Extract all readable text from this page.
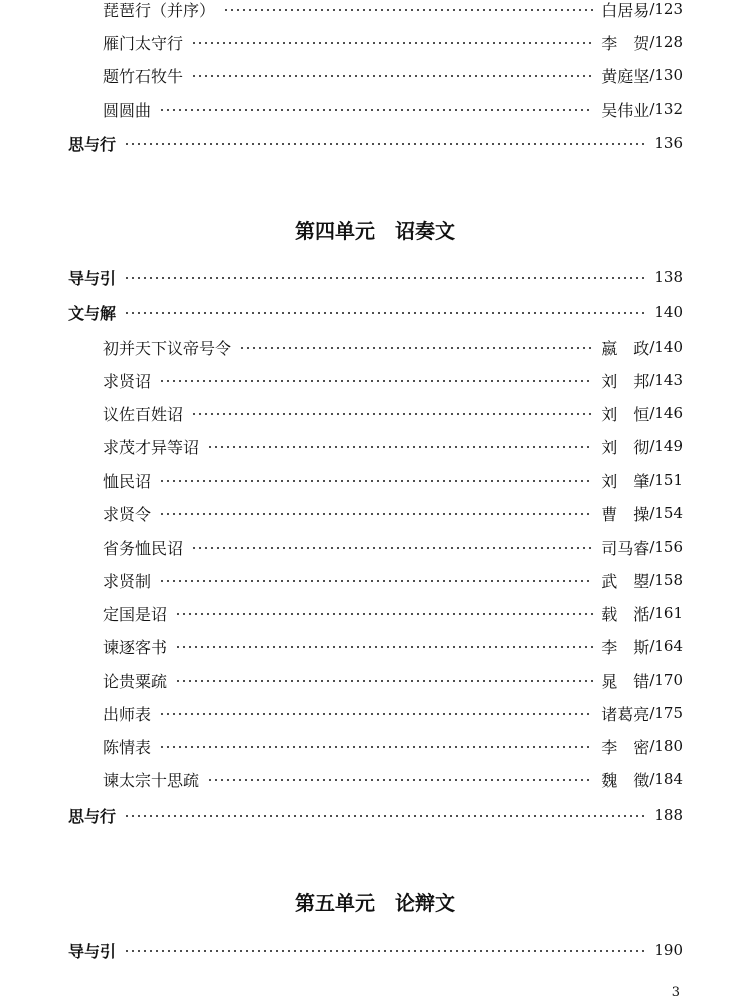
琵琶行（并序）	白居易 /123
雁门太守行	李　贺 /128
题竹石牧牛	黄庭坚 /130
圆圆曲	吴伟业 /132
思与行	136
第四单元　诏奏文
导与引	138
文与解	140
初并天下议帝号令	嬴　政 /140
求贤诏	刘　邦 /143
议佐百姓诏	刘　恒 /146
求茂才异等诏	刘　彻 /149
恤民诏	刘　肇 /151
求贤令	曹　操 /154
省务恤民诏	司马睿 /156
求贤制	武　曌 /158
定国是诏	载　湉 /161
谏逐客书	李　斯 /164
论贵粟疏	晁　错 /170
出师表	诸葛亮 /175
陈情表	李　密 /180
谏太宗十思疏	魏　徵 /184
思与行	188
第五单元　论辩文
导与引	190
3
